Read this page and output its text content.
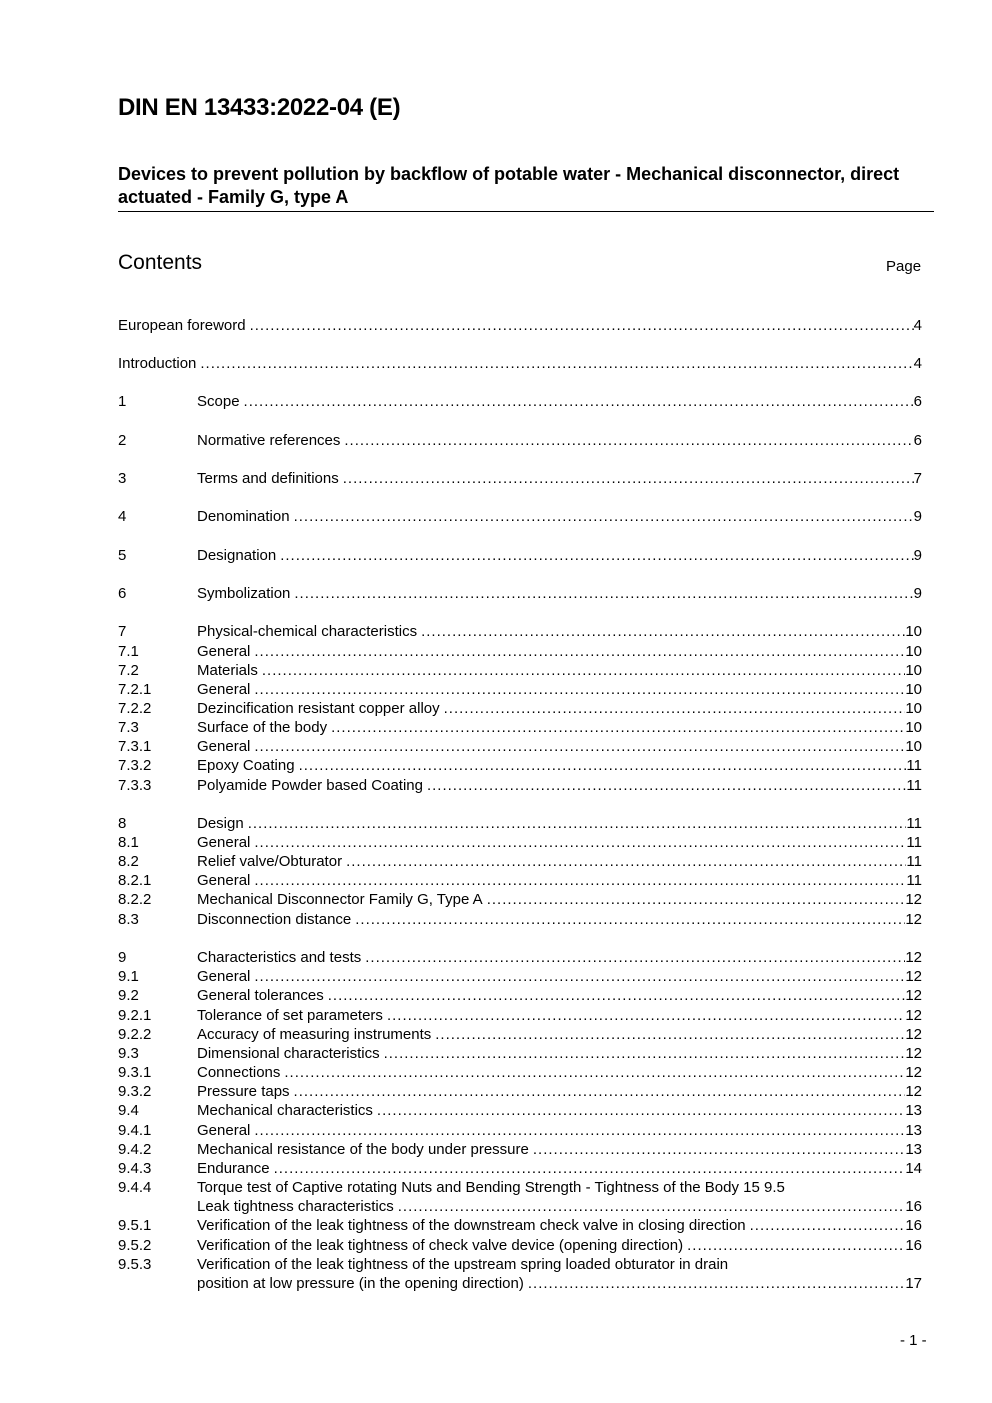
DIN EN 13433:2022-04 (E)
Devices to prevent pollution by backflow of potable water - Mechanical disconnector, direct actuated - Family G, type A
Contents	Page
European foreword .....	4
Introduction .....	4
1	Scope .....	6
2	Normative references .....	6
3	Terms and definitions .....	7
4	Denomination .....	9
5	Designation .....	9
6	Symbolization .....	9
7	Physical-chemical characteristics .....	10
7.1	General .....	10
7.2	Materials .....	10
7.2.1	General .....	10
7.2.2	Dezincification resistant copper alloy .....	10
7.3	Surface of the body .....	10
7.3.1	General .....	10
7.3.2	Epoxy Coating .....	11
7.3.3	Polyamide Powder based Coating .....	11
8	Design .....	11
8.1	General .....	11
8.2	Relief valve/Obturator .....	11
8.2.1	General .....	11
8.2.2	Mechanical Disconnector Family G, Type A .....	12
8.3	Disconnection distance .....	12
9	Characteristics and tests .....	12
9.1	General .....	12
9.2	General tolerances .....	12
9.2.1	Tolerance of set parameters .....	12
9.2.2	Accuracy of measuring instruments .....	12
9.3	Dimensional characteristics .....	12
9.3.1	Connections .....	12
9.3.2	Pressure taps .....	12
9.4	Mechanical characteristics .....	13
9.4.1	General .....	13
9.4.2	Mechanical resistance of the body under pressure .....	13
9.4.3	Endurance .....	14
9.4.4	Torque test of Captive rotating Nuts and Bending Strength - Tightness of the Body 15 9.5
Leak tightness characteristics .....	16
9.5.1	Verification of the leak tightness of the downstream check valve in closing direction .....	16
9.5.2	Verification of the leak tightness of check valve device (opening direction) .....	16
9.5.3	Verification of the leak tightness of the upstream spring loaded obturator in drain
position at low pressure (in the opening direction) .....	17
- 1 -
